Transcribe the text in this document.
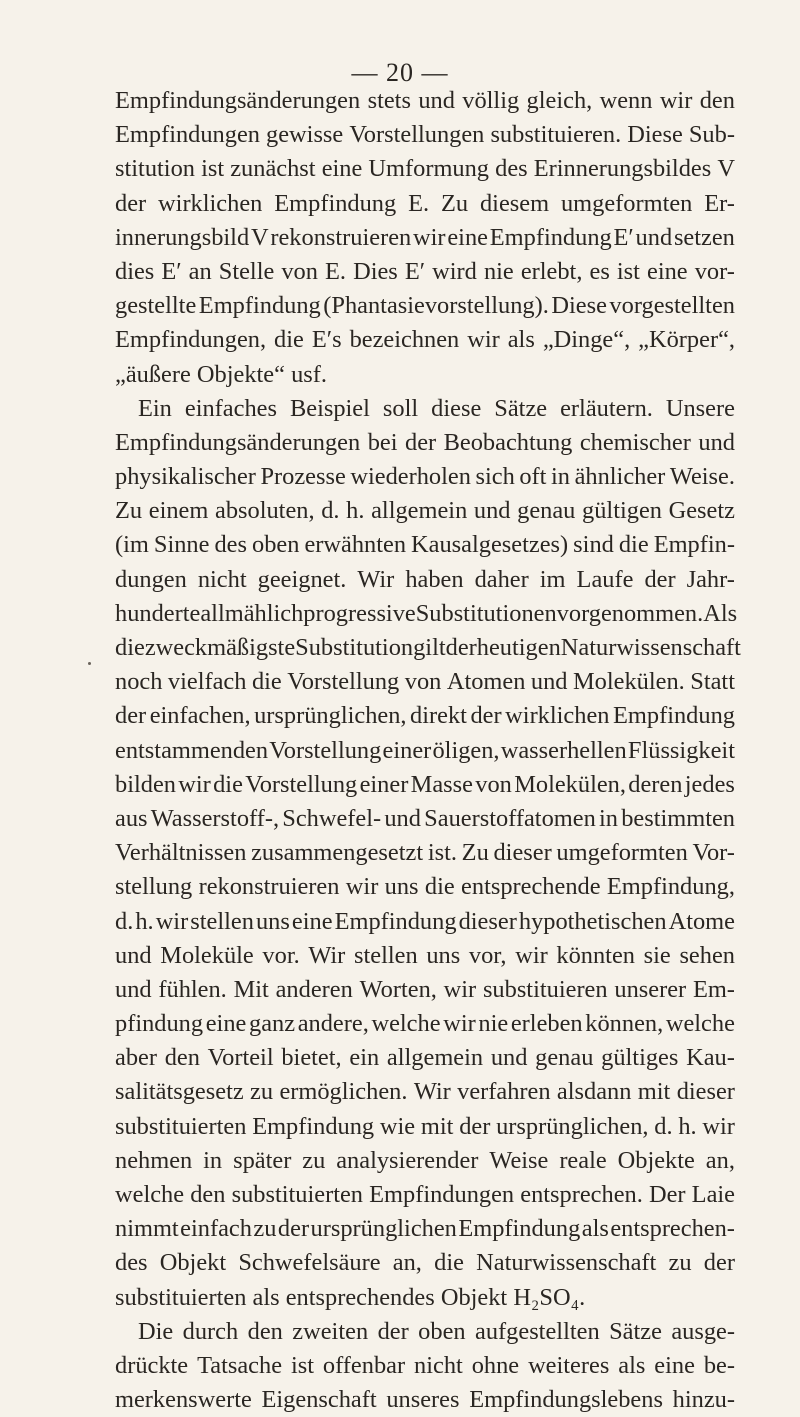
— 20 —
Empfindungsänderungen stets und völlig gleich, wenn wir den
Empfindungen gewisse Vorstellungen substituieren. Diese Sub-
stitution ist zunächst eine Umformung des Erinnerungsbildes V
der wirklichen Empfindung E. Zu diesem umgeformten Er-
innerungsbild V rekonstruieren wir eine Empfindung E′ und setzen
dies E′ an Stelle von E. Dies E′ wird nie erlebt, es ist eine vor-
gestellte Empfindung (Phantasievorstellung). Diese vorgestellten
Empfindungen, die E′s bezeichnen wir als „Dinge“, „Körper“,
„äußere Objekte“ usf.
Ein einfaches Beispiel soll diese Sätze erläutern. Unsere
Empfindungsänderungen bei der Beobachtung chemischer und
physikalischer Prozesse wiederholen sich oft in ähnlicher Weise.
Zu einem absoluten, d. h. allgemein und genau gültigen Gesetz
(im Sinne des oben erwähnten Kausalgesetzes) sind die Empfin-
dungen nicht geeignet. Wir haben daher im Laufe der Jahr-
hunderte allmählich progressive Substitutionen vorgenommen. Als
die zweckmäßigste Substitution gilt der heutigen Naturwissenschaft
noch vielfach die Vorstellung von Atomen und Molekülen. Statt
der einfachen, ursprünglichen, direkt der wirklichen Empfindung
entstammenden Vorstellung einer öligen, wasserhellen Flüssigkeit
bilden wir die Vorstellung einer Masse von Molekülen, deren jedes
aus Wasserstoff-, Schwefel- und Sauerstoffatomen in bestimmten
Verhältnissen zusammengesetzt ist. Zu dieser umgeformten Vor-
stellung rekonstruieren wir uns die entsprechende Empfindung,
d. h. wir stellen uns eine Empfindung dieser hypothetischen Atome
und Moleküle vor. Wir stellen uns vor, wir könnten sie sehen
und fühlen. Mit anderen Worten, wir substituieren unserer Em-
pfindung eine ganz andere, welche wir nie erleben können, welche
aber den Vorteil bietet, ein allgemein und genau gültiges Kau-
salitätsgesetz zu ermöglichen. Wir verfahren alsdann mit dieser
substituierten Empfindung wie mit der ursprünglichen, d. h. wir
nehmen in später zu analysierender Weise reale Objekte an,
welche den substituierten Empfindungen entsprechen. Der Laie
nimmt einfach zu der ursprünglichen Empfindung als entsprechen-
des Objekt Schwefelsäure an, die Naturwissenschaft zu der
substituierten als entsprechendes Objekt H₂SO₄.
Die durch den zweiten der oben aufgestellten Sätze ausge-
drückte Tatsache ist offenbar nicht ohne weiteres als eine be-
merkenswerte Eigenschaft unseres Empfindungslebens hinzu-
